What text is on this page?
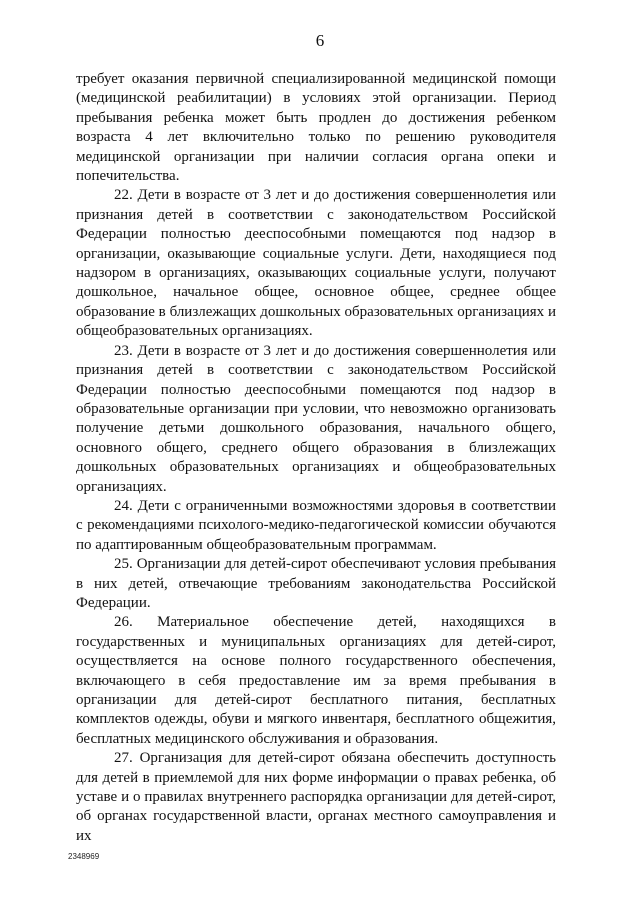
6

требует оказания первичной специализированной медицинской помощи (медицинской реабилитации) в условиях этой организации. Период пребывания ребенка может быть продлен до достижения ребенком возраста 4 лет включительно только по решению руководителя медицинской организации при наличии согласия органа опеки и попечительства.

22. Дети в возрасте от 3 лет и до достижения совершеннолетия или признания детей в соответствии с законодательством Российской Федерации полностью дееспособными помещаются под надзор в организации, оказывающие социальные услуги. Дети, находящиеся под надзором в организациях, оказывающих социальные услуги, получают дошкольное, начальное общее, основное общее, среднее общее образование в близлежащих дошкольных образовательных организациях и общеобразовательных организациях.

23. Дети в возрасте от 3 лет и до достижения совершеннолетия или признания детей в соответствии с законодательством Российской Федерации полностью дееспособными помещаются под надзор в образовательные организации при условии, что невозможно организовать получение детьми дошкольного образования, начального общего, основного общего, среднего общего образования в близлежащих дошкольных образовательных организациях и общеобразовательных организациях.

24. Дети с ограниченными возможностями здоровья в соответствии с рекомендациями психолого-медико-педагогической комиссии обучаются по адаптированным общеобразовательным программам.

25. Организации для детей-сирот обеспечивают условия пребывания в них детей, отвечающие требованиям законодательства Российской Федерации.

26. Материальное обеспечение детей, находящихся в государственных и муниципальных организациях для детей-сирот, осуществляется на основе полного государственного обеспечения, включающего в себя предоставление им за время пребывания в организации для детей-сирот бесплатного питания, бесплатных комплектов одежды, обуви и мягкого инвентаря, бесплатного общежития, бесплатных медицинского обслуживания и образования.

27. Организация для детей-сирот обязана обеспечить доступность для детей в приемлемой для них форме информации о правах ребенка, об уставе и о правилах внутреннего распорядка организации для детей-сирот, об органах государственной власти, органах местного самоуправления и их

2348969
